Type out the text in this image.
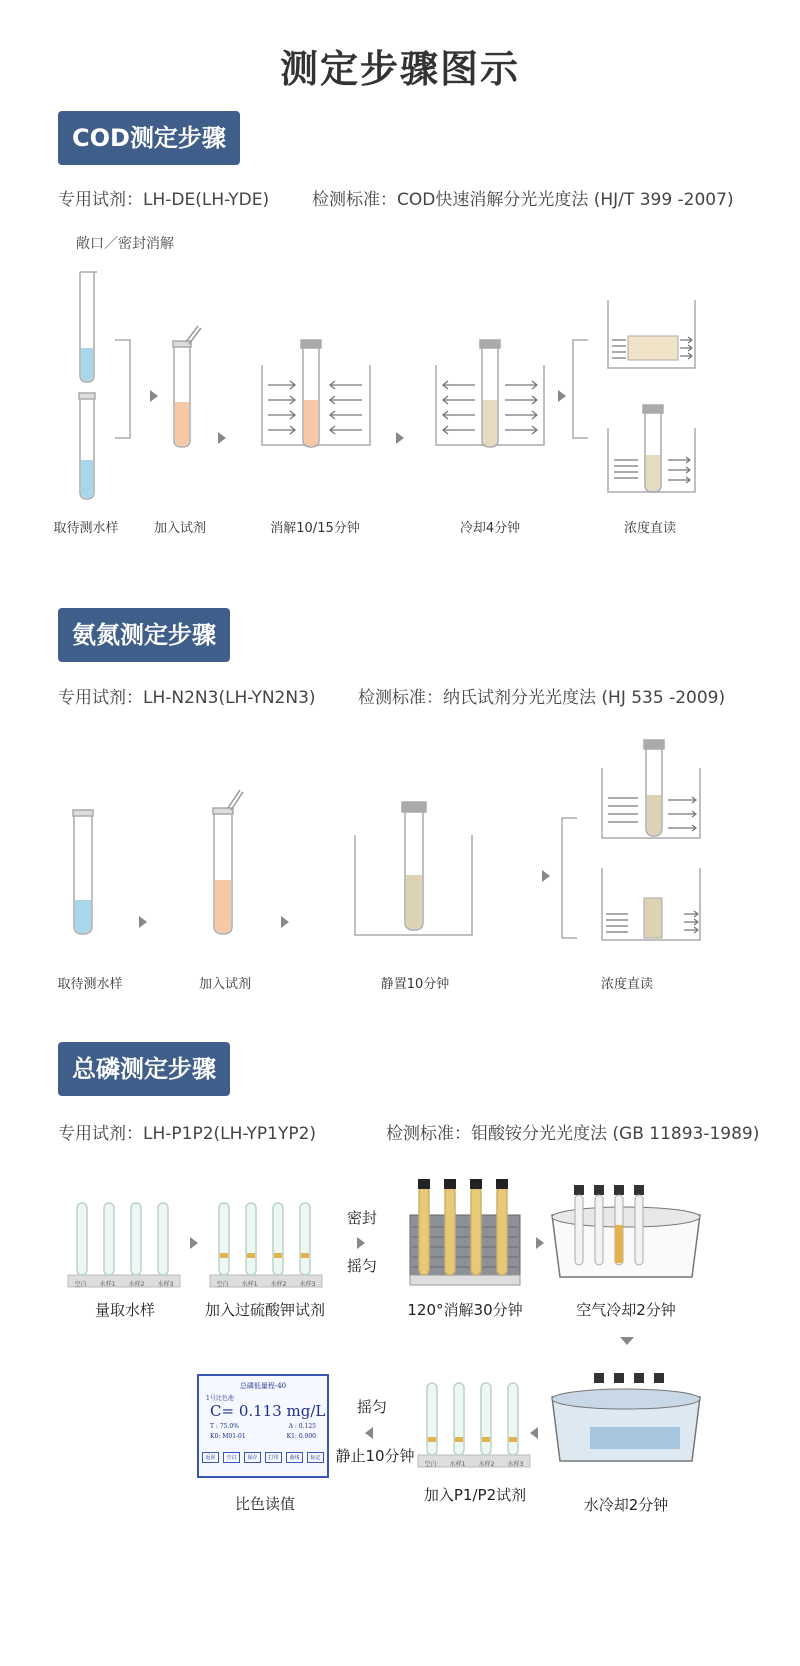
测定步骤图示
COD测定步骤
专用试剂：LH-DE(LH-YDE)	检测标准：COD快速消解分光光度法 (HJ/T 399 -2007)
敞口／密封消解
取待测水样	加入试剂	消解10/15分钟	冷却4分钟	浓度直读
氨氮测定步骤
专用试剂：LH-N2N3(LH-YN2N3) 检测标准：纳氏试剂分光光度法 (HJ 535 -2009)
取待测水样	加入试剂	静置10分钟	浓度直读
总磷测定步骤
专用试剂：LH-P1P2(LH-YP1YP2)	检测标准：钼酸铵分光光度法 (GB 11893-1989)
空白 水样1 水样2 水样3	空白 水样1 水样2 水样3
空白 水样1 水样2 水样3
密封
摇匀
摇匀
静止10分钟
总磷低量程-40
1号比色池
C= 0.113 mg/L
T : 75.0%	A : 0.125
K0: M01-01	K1: 0.900
返回	空白	保存	打印	曲线	标定
量取水样	加入过硫酸钾试剂	120°消解30分钟	空气冷却2分钟
水冷却2分钟
加入P1/P2试剂
比色读值
